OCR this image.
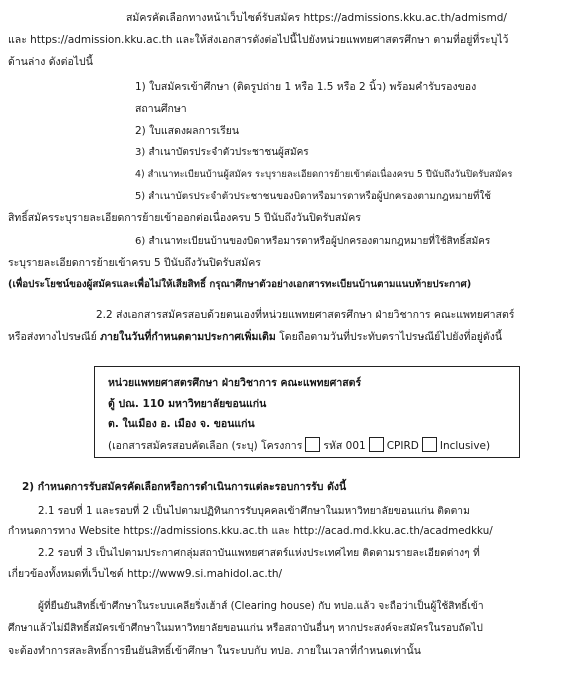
สมัครคัดเลือกทางหน้าเว็บไซต์รับสมัคร https://admissions.kku.ac.th/admismd/
และ https://admission.kku.ac.th และให้ส่งเอกสารดังต่อไปนี้ไปยังหน่วยแพทยศาสตรศึกษา ตามที่อยู่ที่ระบุไว้
ด้านล่าง ดังต่อไปนี้
1) ใบสมัครเข้าศึกษา (ติดรูปถ่าย 1 หรือ 1.5 หรือ 2 นิ้ว) พร้อมคำรับรองของ
สถานศึกษา
2) ใบแสดงผลการเรียน
3) สำเนาบัตรประจำตัวประชาชนผู้สมัคร
4) สำเนาทะเบียนบ้านผู้สมัคร ระบุรายละเอียดการย้ายเข้าต่อเนื่องครบ 5 ปีนับถึงวันปิดรับสมัคร
5) สำเนาบัตรประจำตัวประชาชนของบิดาหรือมารดาหรือผู้ปกครองตามกฎหมายที่ใช้
สิทธิ์สมัครระบุรายละเอียดการย้ายเข้าออกต่อเนื่องครบ 5 ปีนับถึงวันปิดรับสมัคร
6) สำเนาทะเบียนบ้านของบิดาหรือมารดาหรือผู้ปกครองตามกฎหมายที่ใช้สิทธิ์สมัคร
ระบุรายละเอียดการย้ายเข้าครบ 5 ปีนับถึงวันปิดรับสมัคร
(เพื่อประโยชน์ของผู้สมัครและเพื่อไม่ให้เสียสิทธิ์ กรุณาศึกษาตัวอย่างเอกสารทะเบียนบ้านตามแนบท้ายประกาศ)
2.2 ส่งเอกสารสมัครสอบด้วยตนเองที่หน่วยแพทยศาสตรศึกษา ฝ่ายวิชาการ คณะแพทยศาสตร์
หรือส่งทางไปรษณีย์ ภายในวันที่กำหนดตามประกาศเพิ่มเติม โดยถือตามวันที่ประทับตราไปรษณีย์ไปยังที่อยู่ดังนี้
หน่วยแพทยศาสตรศึกษา ฝ่ายวิชาการ คณะแพทยศาสตร์
ตู้ ปณ. 110 มหาวิทยาลัยขอนแก่น
ต. ในเมือง อ. เมือง จ. ขอนแก่น
(เอกสารสมัครสอบคัดเลือก (ระบุ) โครงการ รหัส 001 CPIRD Inclusive)
2) กำหนดการรับสมัครคัดเลือกหรือการดำเนินการแต่ละรอบการรับ ดังนี้
2.1 รอบที่ 1 และรอบที่ 2 เป็นไปตามปฏิทินการรับบุคคลเข้าศึกษาในมหาวิทยาลัยขอนแก่น ติดตาม
กำหนดการทาง Website https://admissions.kku.ac.th และ http://acad.md.kku.ac.th/acadmedkku/
2.2 รอบที่ 3 เป็นไปตามประกาศกลุ่มสถาบันแพทยศาสตร์แห่งประเทศไทย ติดตามรายละเอียดต่างๆ ที่
เกี่ยวข้องทั้งหมดที่เว็บไซต์ http://www9.si.mahidol.ac.th/
ผู้ที่ยืนยันสิทธิ์เข้าศึกษาในระบบเคลียริ่งเฮ้าส์ (Clearing house) กับ ทปอ.แล้ว จะถือว่าเป็นผู้ใช้สิทธิ์เข้า
ศึกษาแล้วไม่มีสิทธิ์สมัครเข้าศึกษาในมหาวิทยาลัยขอนแก่น หรือสถาบันอื่นๆ หากประสงค์จะสมัครในรอบถัดไป
จะต้องทำการสละสิทธิ์การยืนยันสิทธิ์เข้าศึกษา ในระบบกับ ทปอ. ภายในเวลาที่กำหนดเท่านั้น
